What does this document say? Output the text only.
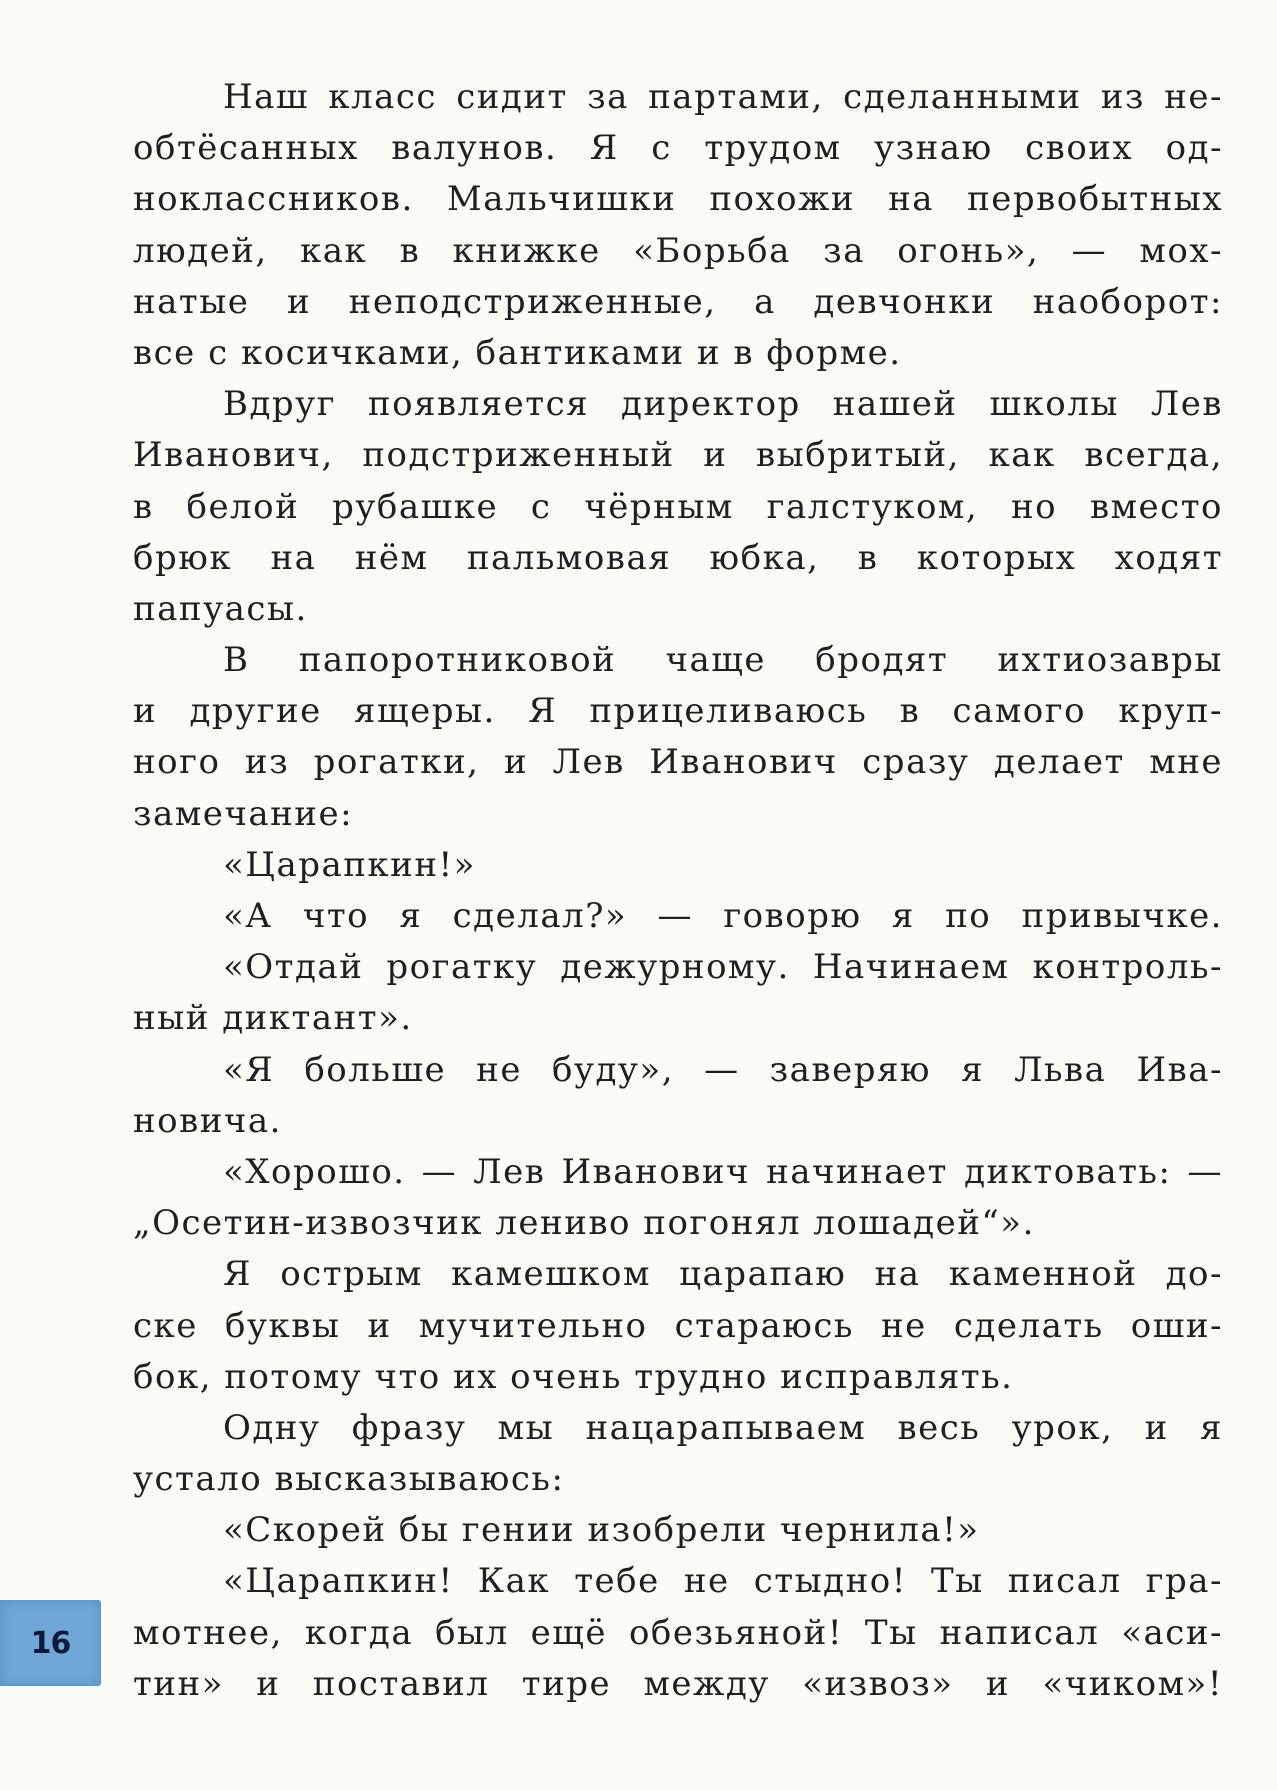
Наш класс сидит за партами, сделанными из не-
обтёсанных валунов. Я с трудом узнаю своих од-
ноклассников. Мальчишки похожи на первобытных
людей, как в книжке «Борьба за огонь», — мох-
натые и неподстриженные, а девчонки наоборот:
все с косичками, бантиками и в форме.
Вдруг появляется директор нашей школы Лев
Иванович, подстриженный и выбритый, как всегда,
в белой рубашке с чёрным галстуком, но вместо
брюк на нём пальмовая юбка, в которых ходят
папуасы.
В папоротниковой чаще бродят ихтиозавры
и другие ящеры. Я прицеливаюсь в самого круп-
ного из рогатки, и Лев Иванович сразу делает мне
замечание:
«Царапкин!»
«А что я сделал?» — говорю я по привычке.
«Отдай рогатку дежурному. Начинаем контроль-
ный диктант».
«Я больше не буду», — заверяю я Льва Ива-
новича.
«Хорошо. — Лев Иванович начинает диктовать: —
„Осетин-извозчик лениво погонял лошадей“».
Я острым камешком царапаю на каменной до-
ске буквы и мучительно стараюсь не сделать оши-
бок, потому что их очень трудно исправлять.
Одну фразу мы нацарапываем весь урок, и я
устало высказываюсь:
«Скорей бы гении изобрели чернила!»
«Царапкин! Как тебе не стыдно! Ты писал гра-
мотнее, когда был ещё обезьяной! Ты написал «аси-
тин» и поставил тире между «извоз» и «чиком»!
16
